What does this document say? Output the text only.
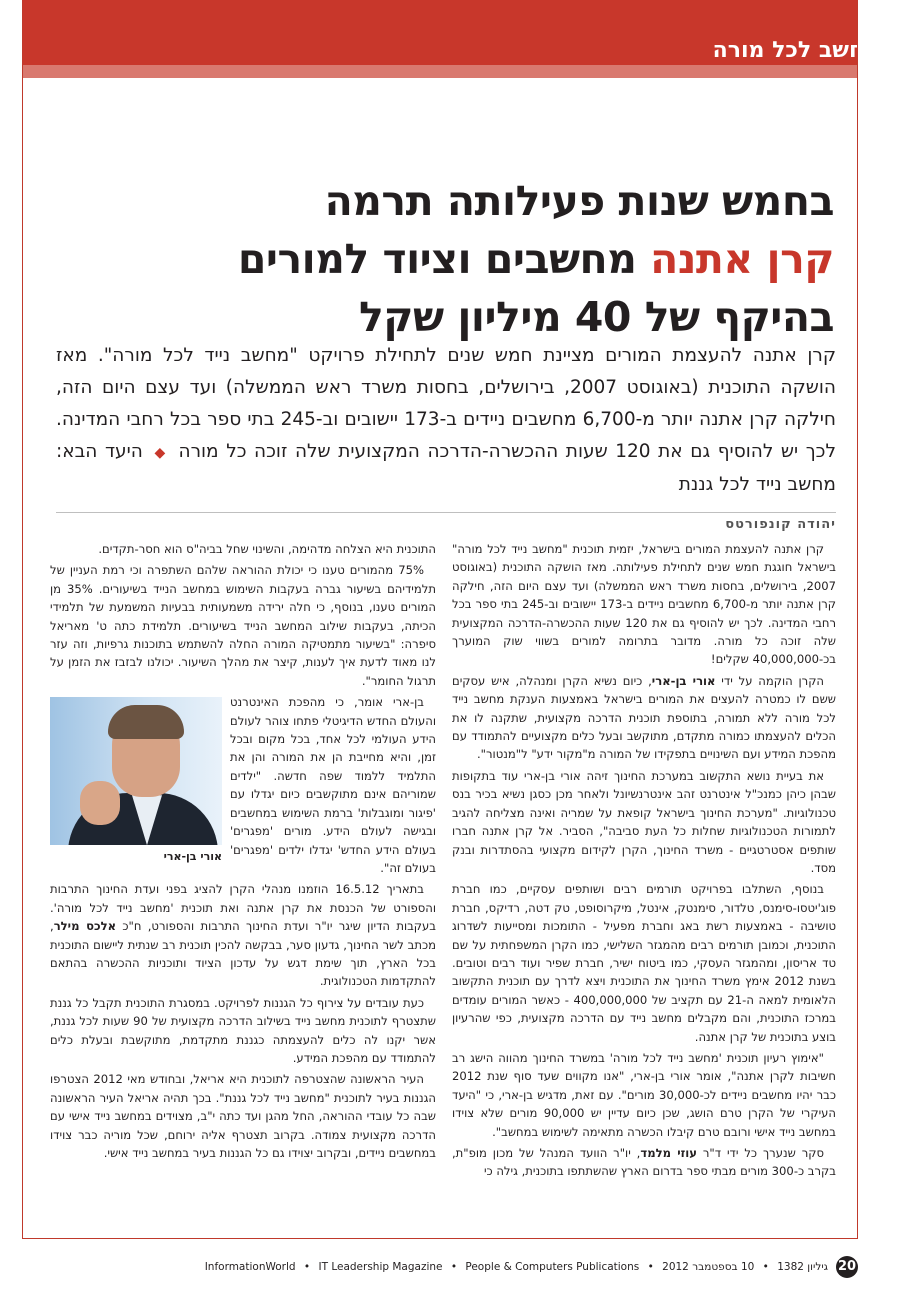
מחשב לכל מורה
בחמש שנות פעילותה תרמה
קרן אתנה מחשבים וציוד למורים
בהיקף של 40 מיליון שקל
קרן אתנה להעצמת המורים מציינת חמש שנים לתחילת פרויקט "מחשב נייד לכל מורה". מאז הושקה התוכנית (באוגוסט 2007, בירושלים, בחסות משרד ראש הממשלה) ועד עצם היום הזה, חילקה קרן אתנה יותר מ-6,700 מחשבים ניידים ב-173 יישובים וב-245 בתי ספר בכל רחבי המדינה. לכך יש להוסיף גם את 120 שעות ההכשרה-הדרכה המקצועית שלה זוכה כל מורה ◆ היעד הבא: מחשב נייד לכל גננת
יהודה קונפורטס

קרן אתנה להעצמת המורים בישראל, יזמית תוכנית "מחשב נייד לכל מורה" בישראל חוגגת חמש שנים לתחילת פעילותה. מאז הושקה התוכנית (באוגוסט 2007, בירושלים, בחסות משרד ראש הממשלה) ועד עצם היום הזה, חילקה קרן אתנה יותר מ-6,700 מחשבים ניידים ב-173 יישובים וב-245 בתי ספר בכל רחבי המדינה. לכך יש להוסיף גם את 120 שעות ההכשרה-הדרכה המקצועית שלה זוכה כל מורה. מדובר בתרומה למורים בשווי שוק המוערך בכ-40,000,000 שקלים!

הקרן הוקמה על ידי אורי בן-ארי, כיום נשיא הקרן ומנהלה, איש עסקים ששם לו כמטרה להעצים את המורים בישראל באמצעות הענקת מחשב נייד לכל מורה ללא תמורה, בתוספת תוכנית הדרכה מקצועית, שתקנה לו את הכלים להעצמתו כמורה מתקדם, מתוקשב ובעל כלים מקצועיים להתמודד עם מהפכת המידע ועם השינויים בתפקידו של המורה מ"מקור ידע" ל"מנטור".

את בעיית נושא התקשוב במערכת החינוך זיהה אורי בן-ארי עוד בתקופות שבהן כיהן כמנכ"ל אינטרנט זהב אינטרנשיונל ולאחר מכן כסגן נשיא בכיר בנס טכנולוגיות. "מערכת החינוך בישראל קופאת על שמריה ואינה מצליחה להגיב לתמורות הטכנולוגיות שחלות כל העת סביבה", הסביר. אל קרן אתנה חברו שותפים אסטרטגיים - משרד החינוך, הקרן לקידום מקצועי בהסתדרות ובנק מסד.

בנוסף, השתלבו בפרויקט תורמים רבים ושותפים עסקיים, כמו חברת פוג'יטסו-סימנס, טלדור, סימנטק, אינטל, מיקרוסופט, טק דטה, רדיקס, חברת טושיבה - באמצעות רשת באג וחברת מפעיל - התומכות ומסייעות לשדרוג התוכנית, וכמובן תורמים רבים מהמגזר השלישי, כמו הקרן המשפחתית על שם טד אריסון, ומהמגזר העסקי, כמו ביטוח ישיר, חברת שפיר ועוד רבים וטובים. בשנת 2012 אימץ משרד החינוך את התוכנית ויצא לדרך עם תוכנית התקשוב הלאומית למאה ה-21 עם תקציב של 400,000,000 - כאשר המורים עומדים במרכז התוכנית, והם מקבלים מחשב נייד עם הדרכה מקצועית, כפי שהרעיון בוצע בתוכנית של קרן אתנה.

"אימוץ רעיון תוכנית 'מחשב נייד לכל מורה' במשרד החינוך מהווה הישג רב חשיבות לקרן אתנה", אומר אורי בן-ארי, "אנו מקווים שעד סוף שנת 2012 כבר יהיו מחשבים ניידים לכ-30,000 מורים". עם זאת, מדגיש בן-ארי, כי "היעד העיקרי של הקרן טרם הושג, שכן כיום עדיין יש 90,000 מורים שלא צוידו במחשב נייד אישי ורובם טרם קיבלו הכשרה מתאימה לשימוש במחשב".

סקר שנערך כל ידי ד"ר עוזי מלמד, יו"ר הוועד המנהל של מכון מופ"ת, בקרב כ-300 מורים מבתי ספר בדרום הארץ שהשתתפו בתוכנית, גילה כי

התוכנית היא הצלחה מדהימה, והשינוי שחל בביה"ס הוא חסר-תקדים.

75% מהמורים טענו כי יכולת ההוראה שלהם השתפרה וכי רמת העניין של תלמידיהם בשיעור גברה בעקבות השימוש במחשב הנייד בשיעורים. 35% מן המורים טענו, בנוסף, כי חלה ירידה משמעותית בבעיות המשמעת של תלמידי הכיתה, בעקבות שילוב המחשב הנייד בשיעורים. תלמידת כתה ט' מאריאל סיפרה: "בשיעור מתמטיקה המורה החלה להשתמש בתוכנות גרפיות, וזה עזר לנו מאוד לדעת איך לענות, קיצר את מהלך השיעור. יכולנו לבזבז את הזמן על תרגול החומר".

אורי בן-ארי

בן-ארי אומר, כי מהפכת האינטרנט והעולם החדש הדיגיטלי פתחו צוהר לעולם הידע העולמי לכל אחד, בכל מקום ובכל זמן, והיא מחייבת הן את המורה והן את התלמיד ללמוד שפה חדשה. "ילדים שמוריהם אינם מתוקשבים כיום יגדלו עם 'פיגור ומוגבלות' ברמת השימוש במחשבים ובגישה לעולם הידע. מורים 'מפגרים' בעולם הידע החדש' יגדלו ילדים 'מפגרים' בעולם זה".

בתאריך 16.5.12 הוזמנו מנהלי הקרן להציג בפני ועדת החינוך התרבות והספורט של הכנסת את קרן אתנה ואת תוכנית 'מחשב נייד לכל מורה'. בעקבות הדיון שיגר יו"ר ועדת החינוך התרבות והספורט, ח"כ אלכס מילר, מכתב לשר החינוך, גדעון סער, בבקשה להכין תוכנית רב שנתית ליישום התוכנית בכל הארץ, תוך שימת דגש על עדכון הציוד ותוכניות ההכשרה בהתאם להתקדמות הטכנולוגית.

כעת עובדים על צירוף כל הגננות לפרויקט. במסגרת התוכנית תקבל כל גננת שתצטרף לתוכנית מחשב נייד בשילוב הדרכה מקצועית של 90 שעות לכל גננת, אשר יקנו לה כלים להעצמתה כגננת מתקדמת, מתוקשבת ובעלת כלים להתמודד עם מהפכת המידע.

העיר הראשונה שהצטרפה לתוכנית היא אריאל, ובחודש מאי 2012 הצטרפו הגננות בעיר לתוכנית "מחשב נייד לכל גננת". בכך תהיה אריאל העיר הראשונה שבה כל עובדי ההוראה, החל מהגן ועד כתה י"ב, מצוידים במחשב נייד אישי עם הדרכה מקצועית צמודה. בקרוב תצטרף אליה ירוחם, שכל מוריה כבר צוידו במחשבים ניידים, ובקרוב יצוידו גם כל הגננות בעיר במחשב נייד אישי.

20
גיליון 1382 • 10 בספטמבר 2012 • InformationWorld • IT Leadership Magazine • People & Computers Publications
